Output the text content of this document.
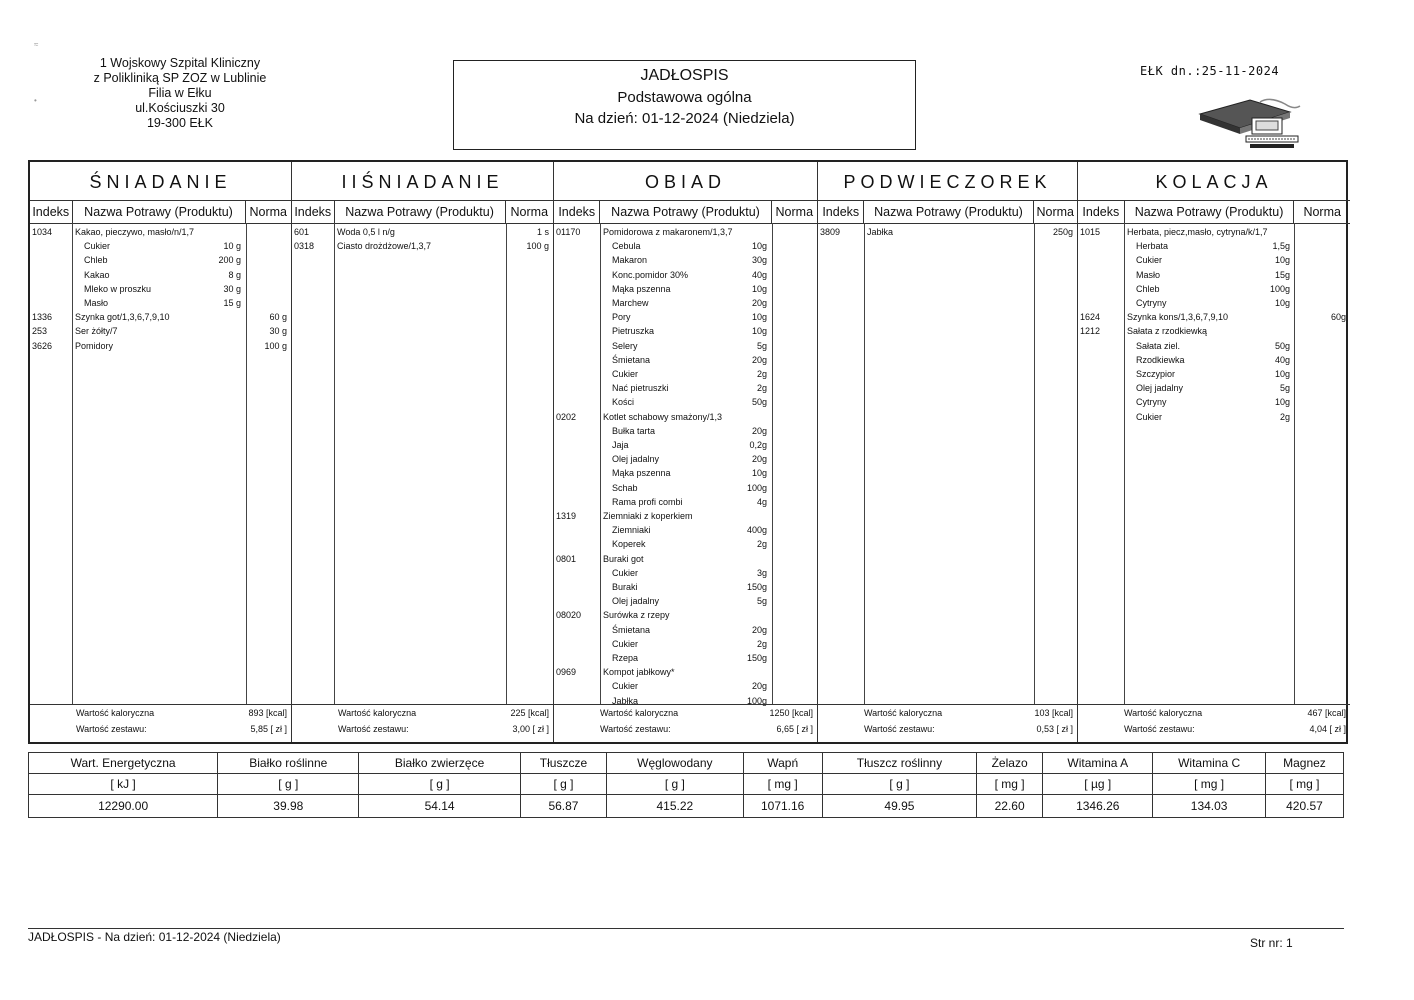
≈
•
1 Wojskowy Szpital Kliniczny
z Polikliniką SP ZOZ w Lublinie
Filia w Ełku
ul.Kościuszki 30
19-300 EŁK
JADŁOSPIS
Podstawowa ogólna
Na dzień: 01-12-2024 (Niedziela)
EŁK dn.:25-11-2024
ŚNIADANIE
Indeks	Nazwa Potrawy (Produktu)	Norma
1034	Kakao, pieczywo, masło/n/1,7
Cukier	10 g
Chleb	200 g
Kakao	8 g
Mleko w proszku	30 g
Masło	15 g
1336	Szynka got/1,3,6,7,9,10	60 g
253	Ser żółty/7	30 g
3626	Pomidory	100 g
Wartość kaloryczna	893 [kcal]
Wartość zestawu:	5,85 [ zł ]
IIŚNIADANIE
Indeks	Nazwa Potrawy (Produktu)	Norma
601	Woda 0,5 l n/g	1 s
0318	Ciasto drożdżowe/1,3,7	100 g
Wartość kaloryczna	225 [kcal]
Wartość zestawu:	3,00 [ zł ]
OBIAD
Indeks	Nazwa Potrawy (Produktu)	Norma
01170	Pomidorowa z makaronem/1,3,7
Cebula	10g
Makaron	30g
Konc.pomidor 30%	40g
Mąka pszenna	10g
Marchew	20g
Pory	10g
Pietruszka	10g
Selery	5g
Śmietana	20g
Cukier	2g
Nać pietruszki	2g
Kości	50g
0202	Kotlet schabowy smażony/1,3
Bułka tarta	20g
Jaja	0,2g
Olej jadalny	20g
Mąka pszenna	10g
Schab	100g
Rama profi combi	4g
1319	Ziemniaki z koperkiem
Ziemniaki	400g
Koperek	2g
0801	Buraki got
Cukier	3g
Buraki	150g
Olej jadalny	5g
08020 Surówka z rzepy
Śmietana	20g
Cukier	2g
Rzepa	150g
0969	Kompot jabłkowy*
Cukier	20g
Jabłka	100g
Wartość kaloryczna	1250 [kcal]
Wartość zestawu:	6,65 [ zł ]
PODWIECZOREK
Indeks	Nazwa Potrawy (Produktu)	Norma
3809	Jabłka	250g
Wartość kaloryczna	103 [kcal]
Wartość zestawu:	0,53 [ zł ]
KOLACJA
Indeks	Nazwa Potrawy (Produktu)	Norma
1015	Herbata, piecz,masło, cytryna/k/1,7
Herbata	1,5g
Cukier	10g
Masło	15g
Chleb	100g
Cytryny	10g
1624	Szynka kons/1,3,6,7,9,10	60g
1212	Sałata z rzodkiewką
Sałata ziel.	50g
Rzodkiewka	40g
Szczypior	10g
Olej jadalny	5g
Cytryny	10g
Cukier	2g
Wartość kaloryczna	467 [kcal]
Wartość zestawu:	4,04 [ zł ]
Wart. Energetyczna	Białko roślinne	Białko zwierzęce	Tłuszcze	Węglowodany	Wapń	Tłuszcz roślinny	Żelazo	Witamina A	Witamina C	Magnez
[ kJ ]	[ g ]	[ g ]	[ g ]	[ g ]	[ mg ]	[ g ]	[ mg ]	[ µg ]	[ mg ]	[ mg ]
12290.00	39.98	54.14	56.87	415.22	1071.16	49.95	22.60	1346.26	134.03	420.57
JADŁOSPIS - Na dzień: 01-12-2024 (Niedziela)	Str nr: 1
